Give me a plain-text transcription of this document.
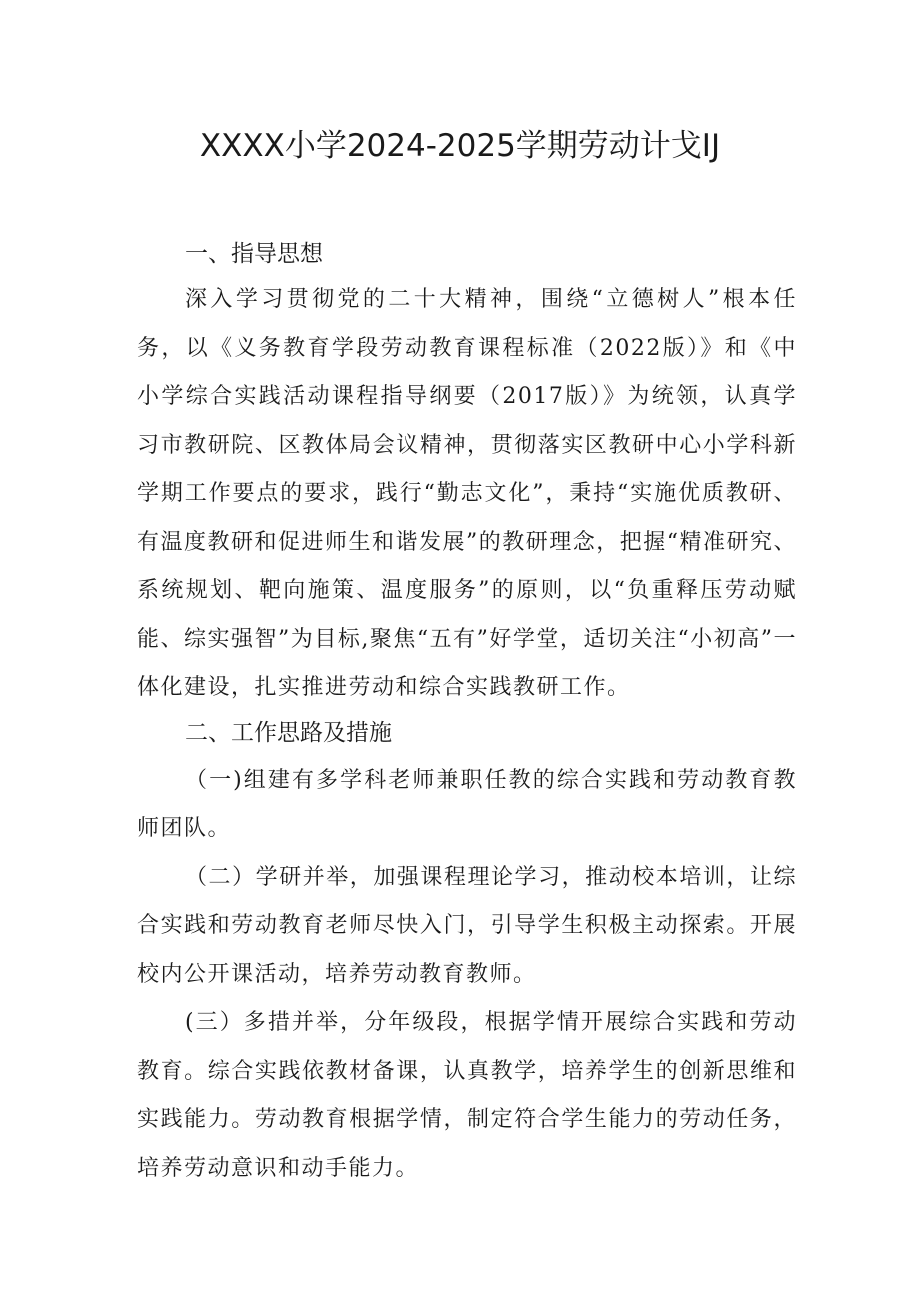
XXXX小学2024-2025学期劳动计戈IJ
一、指导思想

深入学习贯彻党的二十大精神，围绕“立德树人”根本任务，以《义务教育学段劳动教育课程标准（2022版）》和《中小学综合实践活动课程指导纲要（2017版）》为统领，认真学习市教研院、区教体局会议精神，贯彻落实区教研中心小学科新学期工作要点的要求，践行“勤志文化”，秉持“实施优质教研、有温度教研和促进师生和谐发展”的教研理念，把握“精准研究、系统规划、靶向施策、温度服务”的原则，以“负重释压劳动赋能、综实强智”为目标,聚焦“五有”好学堂，适切关注“小初高”一体化建设，扎实推进劳动和综合实践教研工作。

二、工作思路及措施

（一)组建有多学科老师兼职任教的综合实践和劳动教育教师团队。

（二）学研并举，加强课程理论学习，推动校本培训，让综合实践和劳动教育老师尽快入门，引导学生积极主动探索。开展校内公开课活动，培养劳动教育教师。

(三）多措并举，分年级段，根据学情开展综合实践和劳动教育。综合实践依教材备课，认真教学，培养学生的创新思维和实践能力。劳动教育根据学情，制定符合学生能力的劳动任务，培养劳动意识和动手能力。
